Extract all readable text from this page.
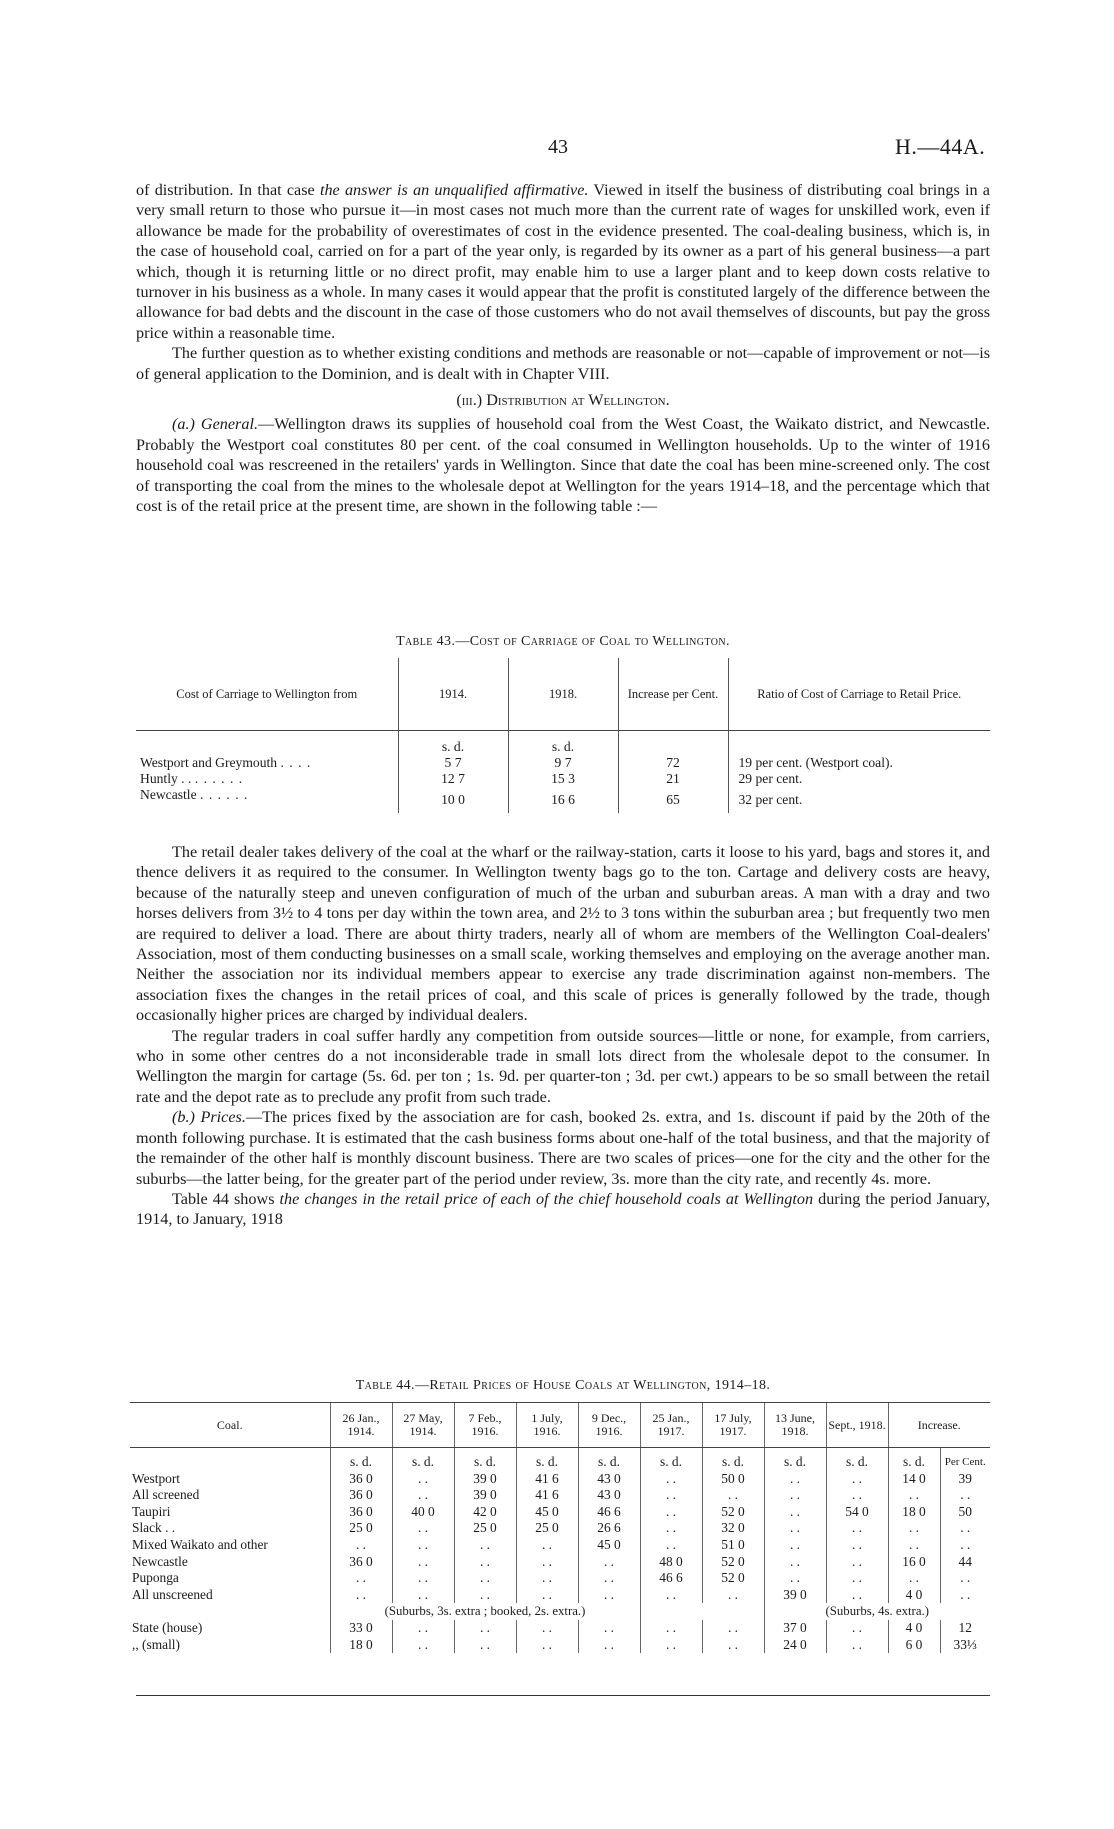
43	H.—44A.

of distribution. In that case the answer is an unqualified affirmative. Viewed in itself the business of distributing coal brings in a very small return to those who pursue it—in most cases not much more than the current rate of wages for unskilled work, even if allowance be made for the probability of overestimates of cost in the evidence presented. The coal-dealing business, which is, in the case of household coal, carried on for a part of the year only, is regarded by its owner as a part of his general business—a part which, though it is returning little or no direct profit, may enable him to use a larger plant and to keep down costs relative to turnover in his business as a whole. In many cases it would appear that the profit is constituted largely of the difference between the allowance for bad debts and the discount in the case of those customers who do not avail themselves of discounts, but pay the gross price within a reasonable time.

The further question as to whether existing conditions and methods are reasonable or not—capable of improvement or not—is of general application to the Dominion, and is dealt with in Chapter VIII.

(iii.) Distribution at Wellington.

(a.) General.—Wellington draws its supplies of household coal from the West Coast, the Waikato district, and Newcastle. Probably the Westport coal constitutes 80 per cent. of the coal consumed in Wellington households. Up to the winter of 1916 household coal was rescreened in the retailers' yards in Wellington. Since that date the coal has been mine-screened only. The cost of transporting the coal from the mines to the wholesale depot at Wellington for the years 1914–18, and the percentage which that cost is of the retail price at the present time, are shown in the following table :—

Table 43.—Cost of Carriage of Coal to Wellington.
Cost of Carriage to Wellington from	1914.	1918.	Increase per Cent.	Ratio of Cost of Carriage to Retail Price.
	s. d.	s. d.		
Westport and Greymouth . . . .	5 7	9 7	72	19 per cent. (Westport coal).
Huntly . . . . . . . .	12 7	15 3	21	29 per cent.
Newcastle . . . . . .	10 0	16 6	65	32 per cent.

The retail dealer takes delivery of the coal at the wharf or the railway-station, carts it loose to his yard, bags and stores it, and thence delivers it as required to the consumer. In Wellington twenty bags go to the ton. Cartage and delivery costs are heavy, because of the naturally steep and uneven configuration of much of the urban and suburban areas. A man with a dray and two horses delivers from 3½ to 4 tons per day within the town area, and 2½ to 3 tons within the suburban area ; but frequently two men are required to deliver a load. There are about thirty traders, nearly all of whom are members of the Wellington Coal-dealers' Association, most of them conducting businesses on a small scale, working themselves and employing on the average another man. Neither the association nor its individual members appear to exercise any trade discrimination against non-members. The association fixes the changes in the retail prices of coal, and this scale of prices is generally followed by the trade, though occasionally higher prices are charged by individual dealers.

The regular traders in coal suffer hardly any competition from outside sources—little or none, for example, from carriers, who in some other centres do a not inconsiderable trade in small lots direct from the wholesale depot to the consumer. In Wellington the margin for cartage (5s. 6d. per ton ; 1s. 9d. per quarter-ton ; 3d. per cwt.) appears to be so small between the retail rate and the depot rate as to preclude any profit from such trade.

(b.) Prices.—The prices fixed by the association are for cash, booked 2s. extra, and 1s. discount if paid by the 20th of the month following purchase. It is estimated that the cash business forms about one-half of the total business, and that the majority of the remainder of the other half is monthly discount business. There are two scales of prices—one for the city and the other for the suburbs—the latter being, for the greater part of the period under review, 3s. more than the city rate, and recently 4s. more.

Table 44 shows the changes in the retail price of each of the chief household coals at Wellington during the period January, 1914, to January, 1918

Table 44.—Retail Prices of House Coals at Wellington, 1914–18.
Coal.	26 Jan., 1914.	27 May, 1914.	7 Feb., 1916.	1 July, 1916.	9 Dec., 1916.	25 Jan., 1917.	17 July, 1917.	13 June, 1918.	Sept., 1918.	Increase.	
	s. d.	s. d.	s. d.	s. d.	s. d.	s. d.	s. d.	s. d.	s. d.	s. d.	Per Cent.
Westport	36 0	. .	39 0	41 6	43 0	. .	50 0	. .	. .	14 0	39
All screened	36 0	. .	39 0	41 6	43 0	. .	. .	. .	. .	. .	. .
Taupiri	36 0	40 0	42 0	45 0	46 6	. .	52 0	. .	54 0	18 0	50
Slack . .	25 0	. .	25 0	25 0	26 6	. .	32 0	. .	. .	. .	. .
Mixed Waikato and other	. .	. .	. .	. .	45 0	. .	51 0	. .	. .	. .	. .
Newcastle	36 0	. .	. .	. .	. .	48 0	52 0	. .	. .	16 0	44
Puponga	. .	. .	. .	. .	. .	46 6	52 0	. .	. .	. .	. .
All unscreened	. .	. .	. .	. .	. .	. .	. .	39 0	. .	4 0	. .
	(Suburbs, 3s. extra ; booked, 2s. extra.)							(Suburbs, 4s. extra.)			
State (house)	33 0	. .	. .	. .	. .	. .	. .	37 0	. .	4 0	12
,, (small)	18 0	. .	. .	. .	. .	. .	. .	24 0	. .	6 0	33⅓
